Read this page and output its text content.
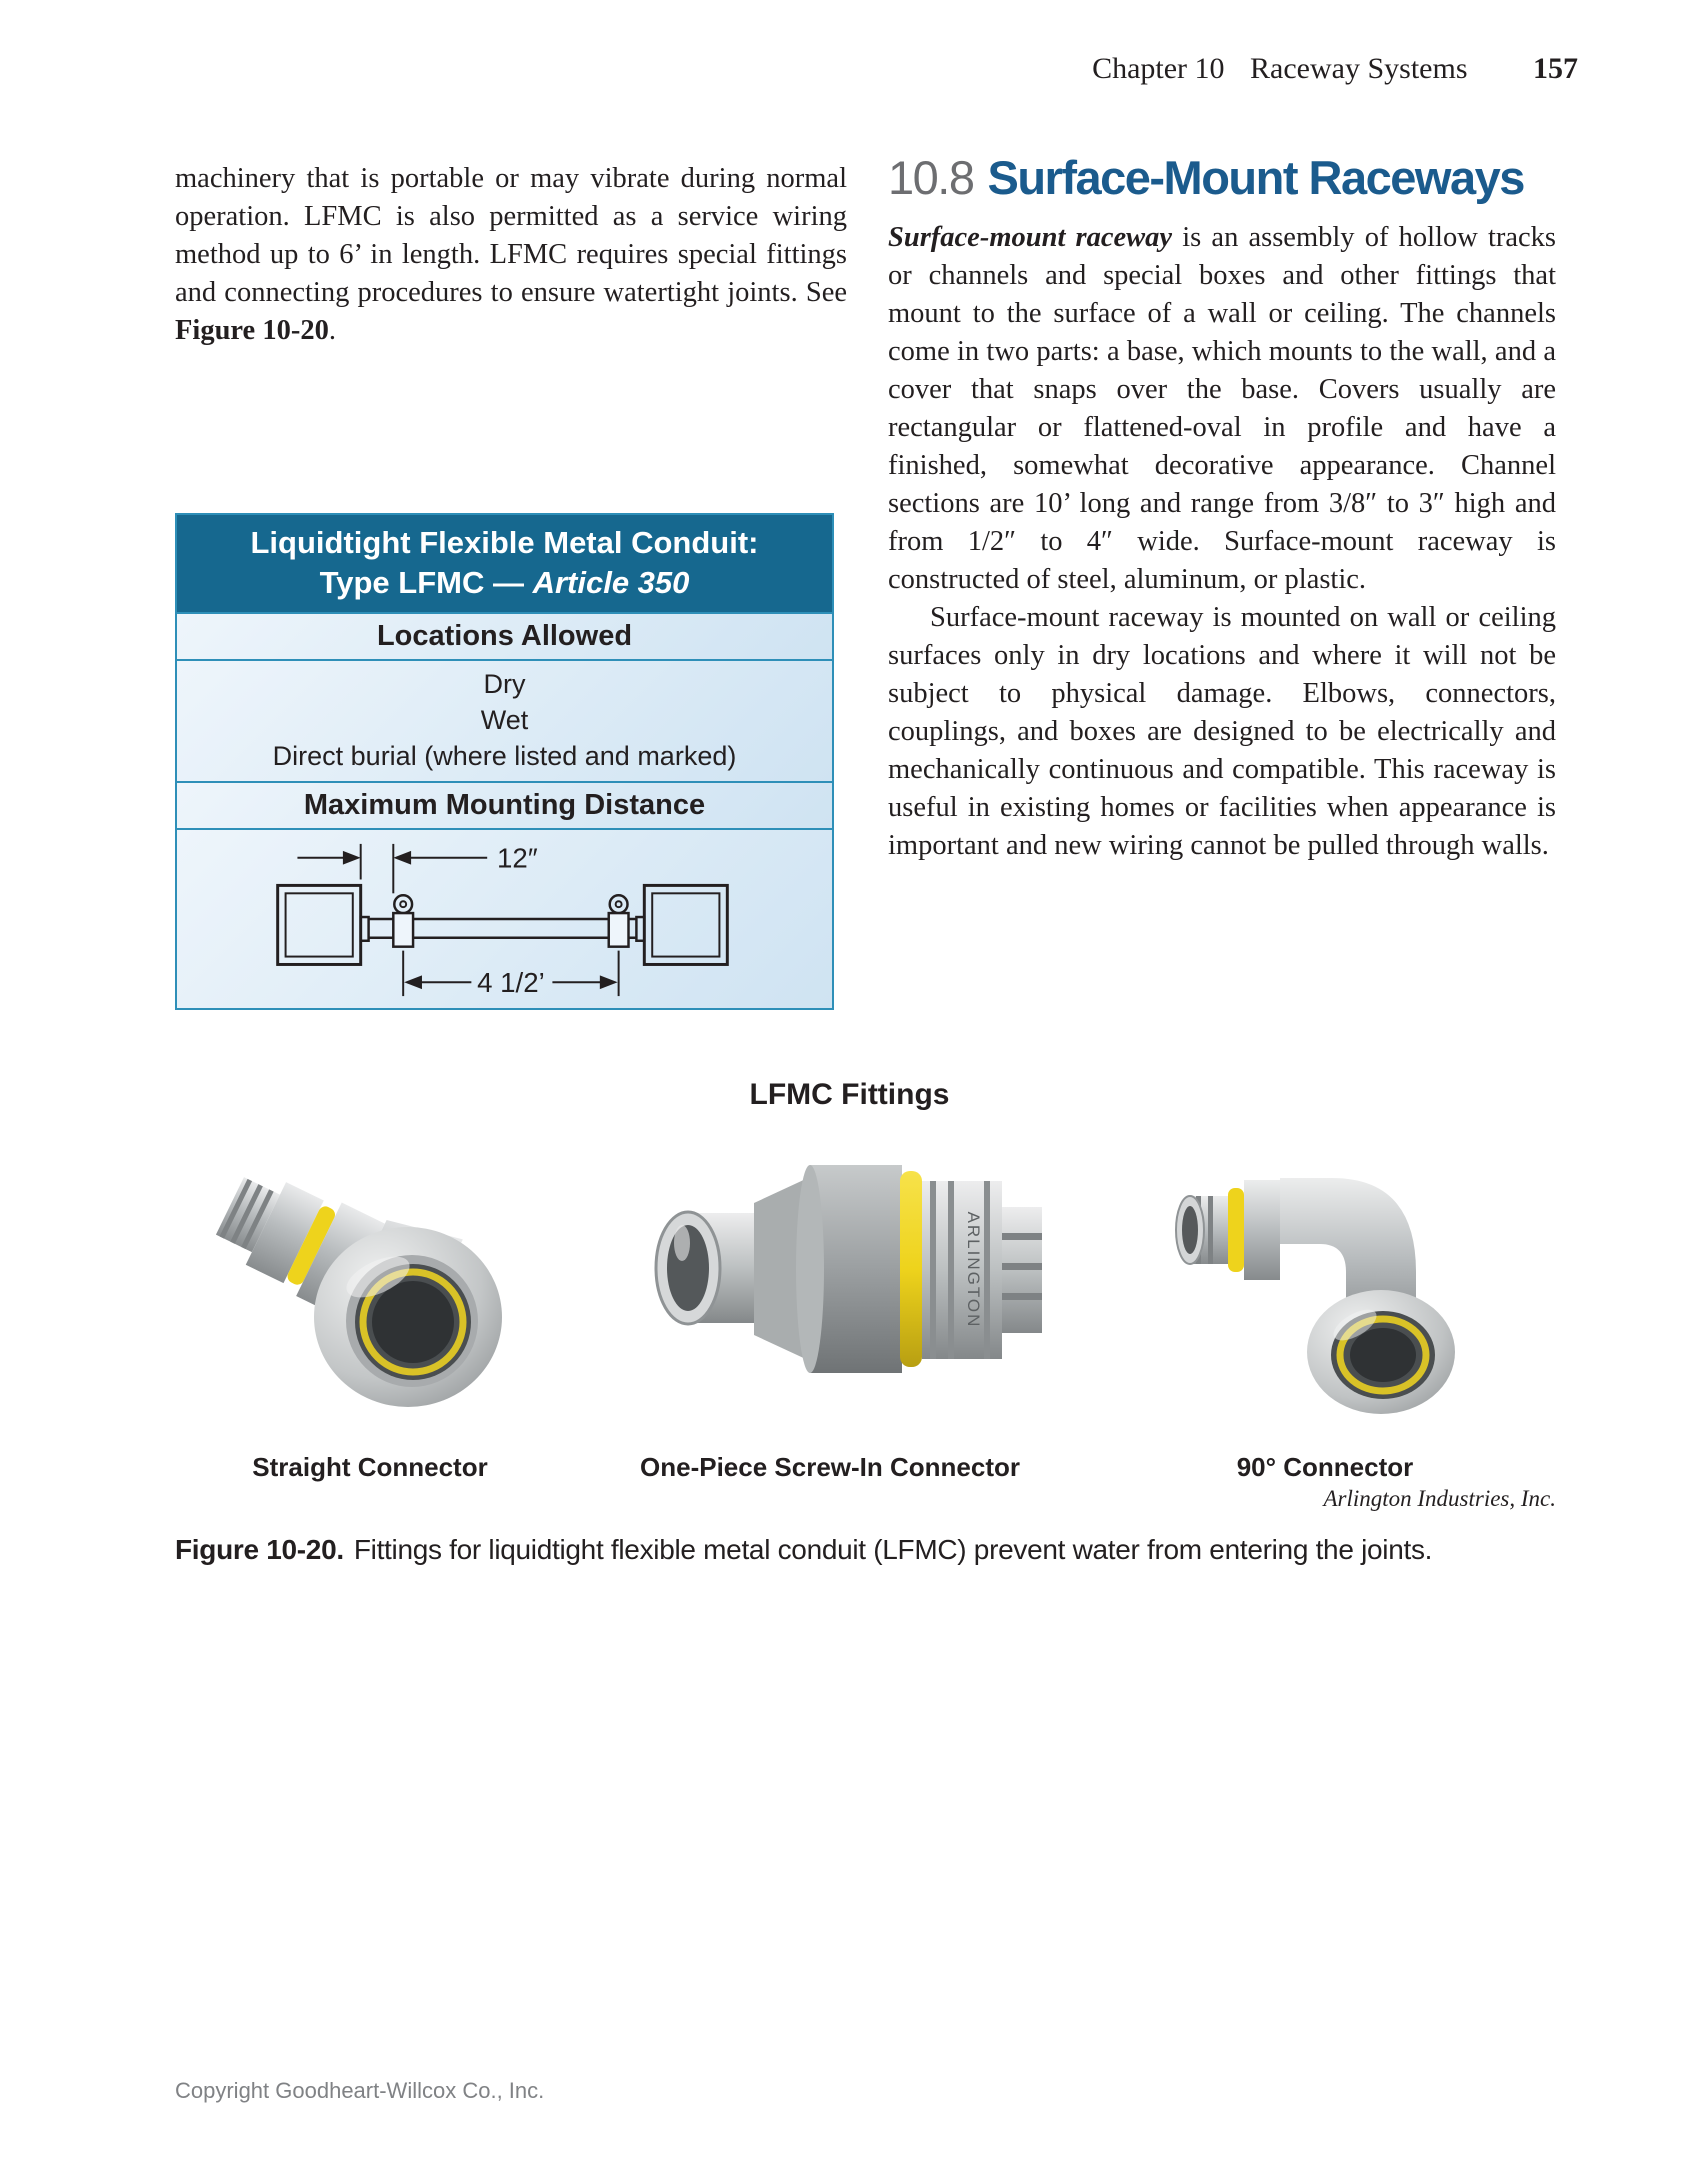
Chapter 10 Raceway Systems 157

machinery that is portable or may vibrate during normal operation. LFMC is also permitted as a service wiring method up to 6’ in length. LFMC requires special fittings and connecting procedures to ensure watertight joints. See Figure 10-20.

10.8 Surface-Mount Raceways

Surface-mount raceway is an assembly of hollow tracks or channels and special boxes and other fittings that mount to the surface of a wall or ceiling. The channels come in two parts: a base, which mounts to the wall, and a cover that snaps over the base. Covers usually are rectangular or flattened-oval in profile and have a finished, somewhat decorative appearance. Channel sections are 10’ long and range from 3/8″ to 3″ high and from 1/2″ to 4″ wide. Surface-mount raceway is constructed of steel, aluminum, or plastic.

Surface-mount raceway is mounted on wall or ceiling surfaces only in dry locations and where it will not be subject to physical damage. Elbows, connectors, couplings, and boxes are designed to be electrically and mechanically continuous and compatible. This raceway is useful in existing homes or facilities when appearance is important and new wiring cannot be pulled through walls.

Liquidtight Flexible Metal Conduit:
Type LFMC — Article 350
Locations Allowed
Dry
Wet
Direct burial (where listed and marked)
Maximum Mounting Distance
12″
4 1/2’
LFMC Fittings
ARLINGTON
Straight Connector	One-Piece Screw-In Connector	90° Connector
Arlington Industries, Inc.
Figure 10-20. Fittings for liquidtight flexible metal conduit (LFMC) prevent water from entering the joints.
Copyright Goodheart-Willcox Co., Inc.
